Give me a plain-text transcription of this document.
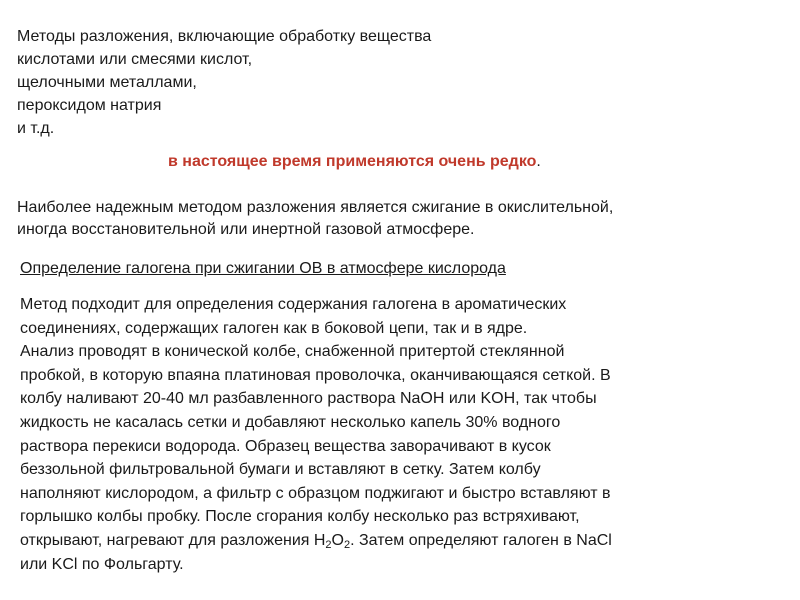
Методы разложения, включающие обработку вещества
кислотами или смесями кислот,
щелочными металлами,
пероксидом натрия
и т.д.
в настоящее время применяются очень редко.
Наиболее надежным методом разложения является сжигание в окислительной,
иногда восстановительной или инертной газовой атмосфере.
Определение галогена при сжигании ОВ в атмосфере кислорода
Метод подходит для определения содержания галогена в ароматических
соединениях, содержащих галоген как в боковой цепи, так и в ядре.
Анализ проводят в конической колбе, снабженной притертой стеклянной
пробкой, в которую впаяна платиновая проволочка, оканчивающаяся сеткой. В
колбу наливают 20-40 мл разбавленного раствора NaOH или KOH, так чтобы
жидкость не касалась сетки и добавляют несколько капель 30% водного
раствора перекиси водорода. Образец вещества заворачивают в кусок
беззольной фильтровальной бумаги и вставляют в сетку. Затем колбу
наполняют кислородом, а фильтр с образцом поджигают и быстро вставляют в
горлышко колбы пробку. После сгорания колбу несколько раз встряхивают,
открывают, нагревают для разложения $H_2O_2$. Затем определяют галоген в NaCl
или KCl по Фольгарту.
